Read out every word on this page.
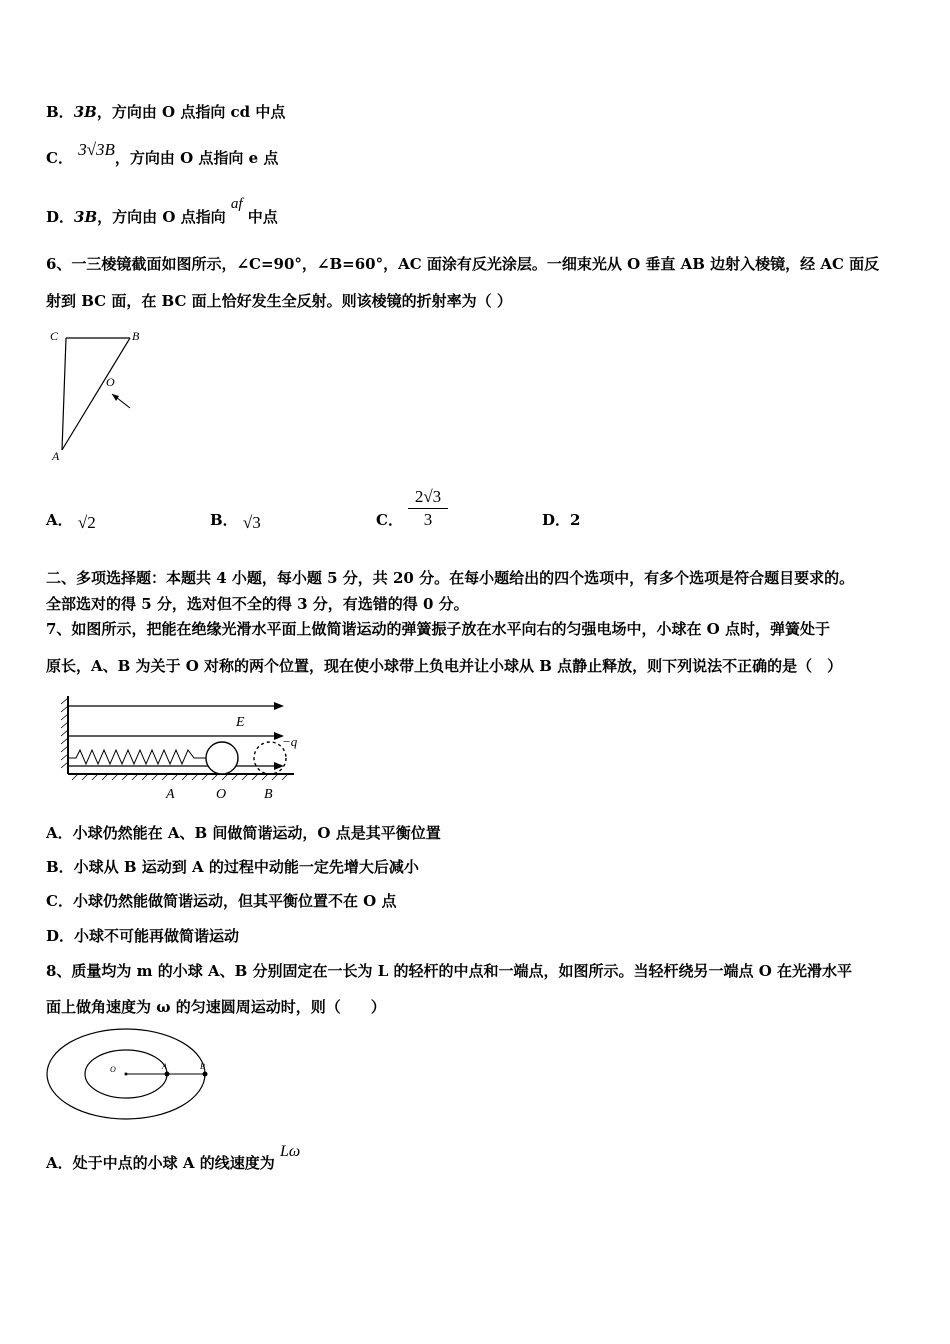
B．3B，方向由 O 点指向 cd 中点
C． 3√3B，方向由 O 点指向 e 点
D．3B，方向由 O 点指向 af 中点
6、一三棱镜截面如图所示，∠C=90°，∠B=60°，AC 面涂有反光涂层。一细束光从 O 垂直 AB 边射入棱镜，经 AC 面反
射到 BC 面，在 BC 面上恰好发生全反射。则该棱镜的折射率为（ ）
C	B
O
A
A． √2	B． √3	C．
2√3
3	D．2
二、多项选择题：本题共 4 小题，每小题 5 分，共 20 分。在每小题给出的四个选项中，有多个选项是符合题目要求的。
全部选对的得 5 分，选对但不全的得 3 分，有选错的得 0 分。
7、如图所示，把能在绝缘光滑水平面上做简谐运动的弹簧振子放在水平向右的匀强电场中，小球在 O 点时，弹簧处于
原长，A、B 为关于 O 对称的两个位置，现在使小球带上负电并让小球从 B 点静止释放，则下列说法不正确的是（　）
E
−q
A	O	B
A．小球仍然能在 A、B 间做简谐运动，O 点是其平衡位置
B．小球从 B 运动到 A 的过程中动能一定先增大后减小
C．小球仍然能做简谐运动，但其平衡位置不在 O 点
D．小球不可能再做简谐运动
8、质量均为 m 的小球 A、B 分别固定在一长为 L 的轻杆的中点和一端点，如图所示。当轻杆绕另一端点 O 在光滑水平
面上做角速度为 ω 的匀速圆周运动时，则（　　）
O	A	B
A．处于中点的小球 A 的线速度为 Lω
